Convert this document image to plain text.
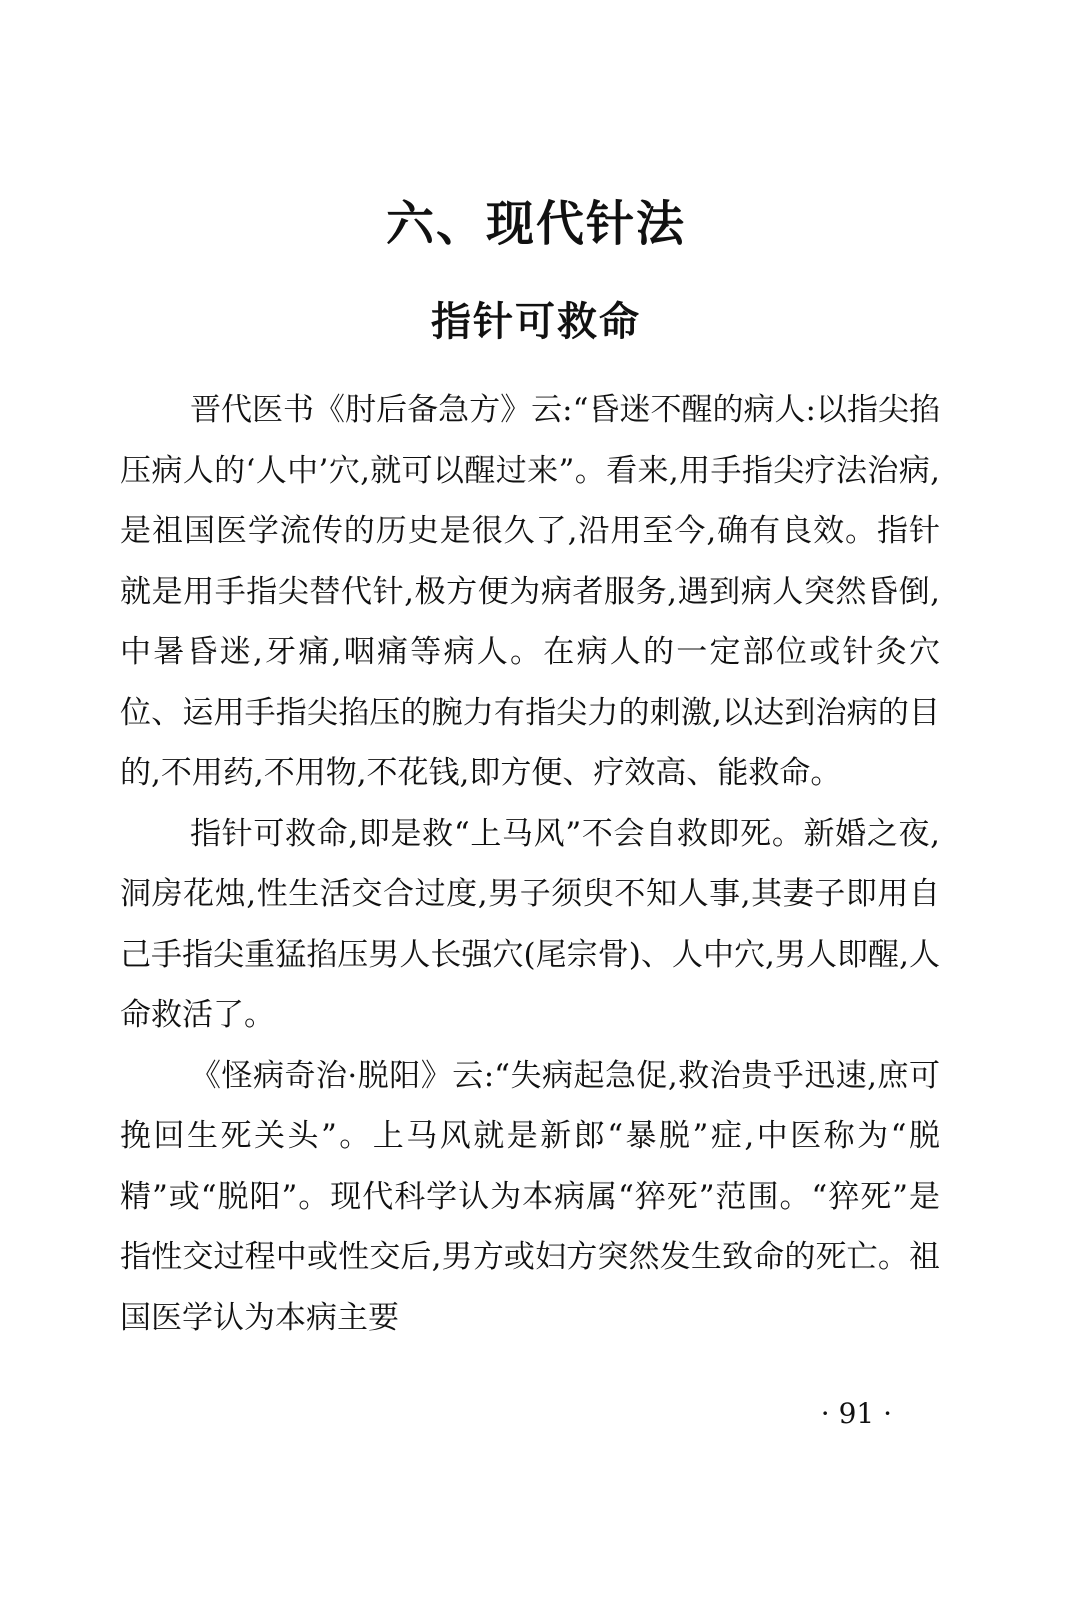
六、现代针法
指针可救命

晋代医书《肘后备急方》云:“昏迷不醒的病人:以指尖掐压病人的‘人中’穴,就可以醒过来”。看来,用手指尖疗法治病,是祖国医学流传的历史是很久了,沿用至今,确有良效。指针就是用手指尖替代针,极方便为病者服务,遇到病人突然昏倒,中暑昏迷,牙痛,咽痛等病人。在病人的一定部位或针灸穴位、运用手指尖掐压的腕力有指尖力的刺激,以达到治病的目的,不用药,不用物,不花钱,即方便、疗效高、能救命。

指针可救命,即是救“上马风”不会自救即死。新婚之夜,洞房花烛,性生活交合过度,男子须臾不知人事,其妻子即用自己手指尖重猛掐压男人长强穴(尾宗骨)、人中穴,男人即醒,人命救活了。

《怪病奇治·脱阳》云:“失病起急促,救治贵乎迅速,庶可挽回生死关头”。上马风就是新郎“暴脱”症,中医称为“脱精”或“脱阳”。现代科学认为本病属“猝死”范围。“猝死”是指性交过程中或性交后,男方或妇方突然发生致命的死亡。祖国医学认为本病主要

· 91 ·
